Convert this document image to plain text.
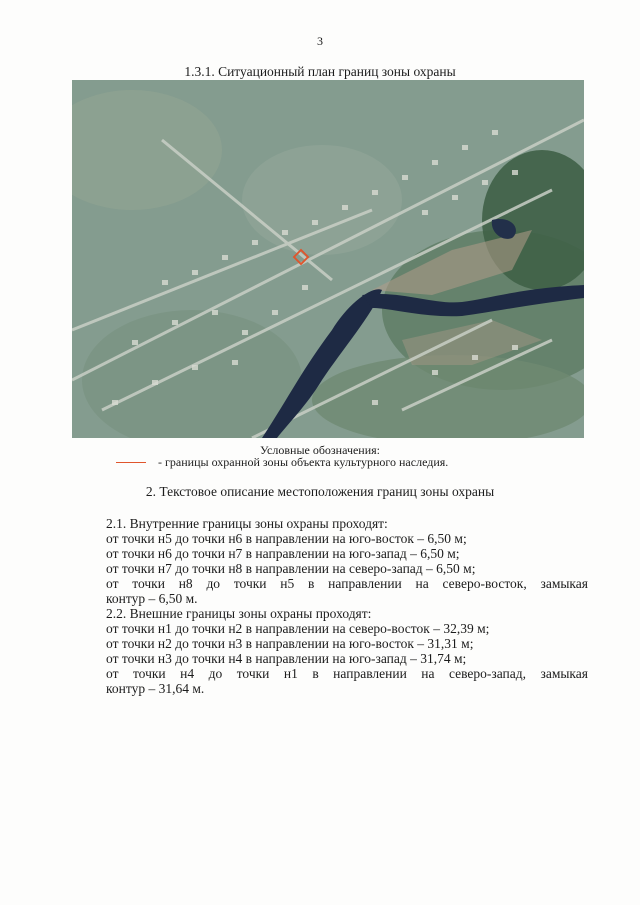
3
1.3.1. Ситуационный план границ зоны охраны
Условные обозначения:
- границы охранной зоны объекта культурного наследия.
2. Текстовое описание местоположения границ зоны охраны

2.1. Внутренние границы зоны охраны проходят:

от точки н5 до точки н6 в направлении на юго-восток – 6,50 м;

от точки н6 до точки н7 в направлении на юго-запад – 6,50 м;

от точки н7 до точки н8 в направлении на северо-запад – 6,50 м;

от точки н8 до точки н5 в направлении на северо-восток, замыкая

контур – 6,50 м.

2.2. Внешние границы зоны охраны проходят:

от точки н1 до точки н2 в направлении на северо-восток – 32,39 м;

от точки н2 до точки н3 в направлении на юго-восток – 31,31 м;

от точки н3 до точки н4 в направлении на юго-запад – 31,74 м;

от точки н4 до точки н1 в направлении на северо-запад, замыкая

контур – 31,64 м.
